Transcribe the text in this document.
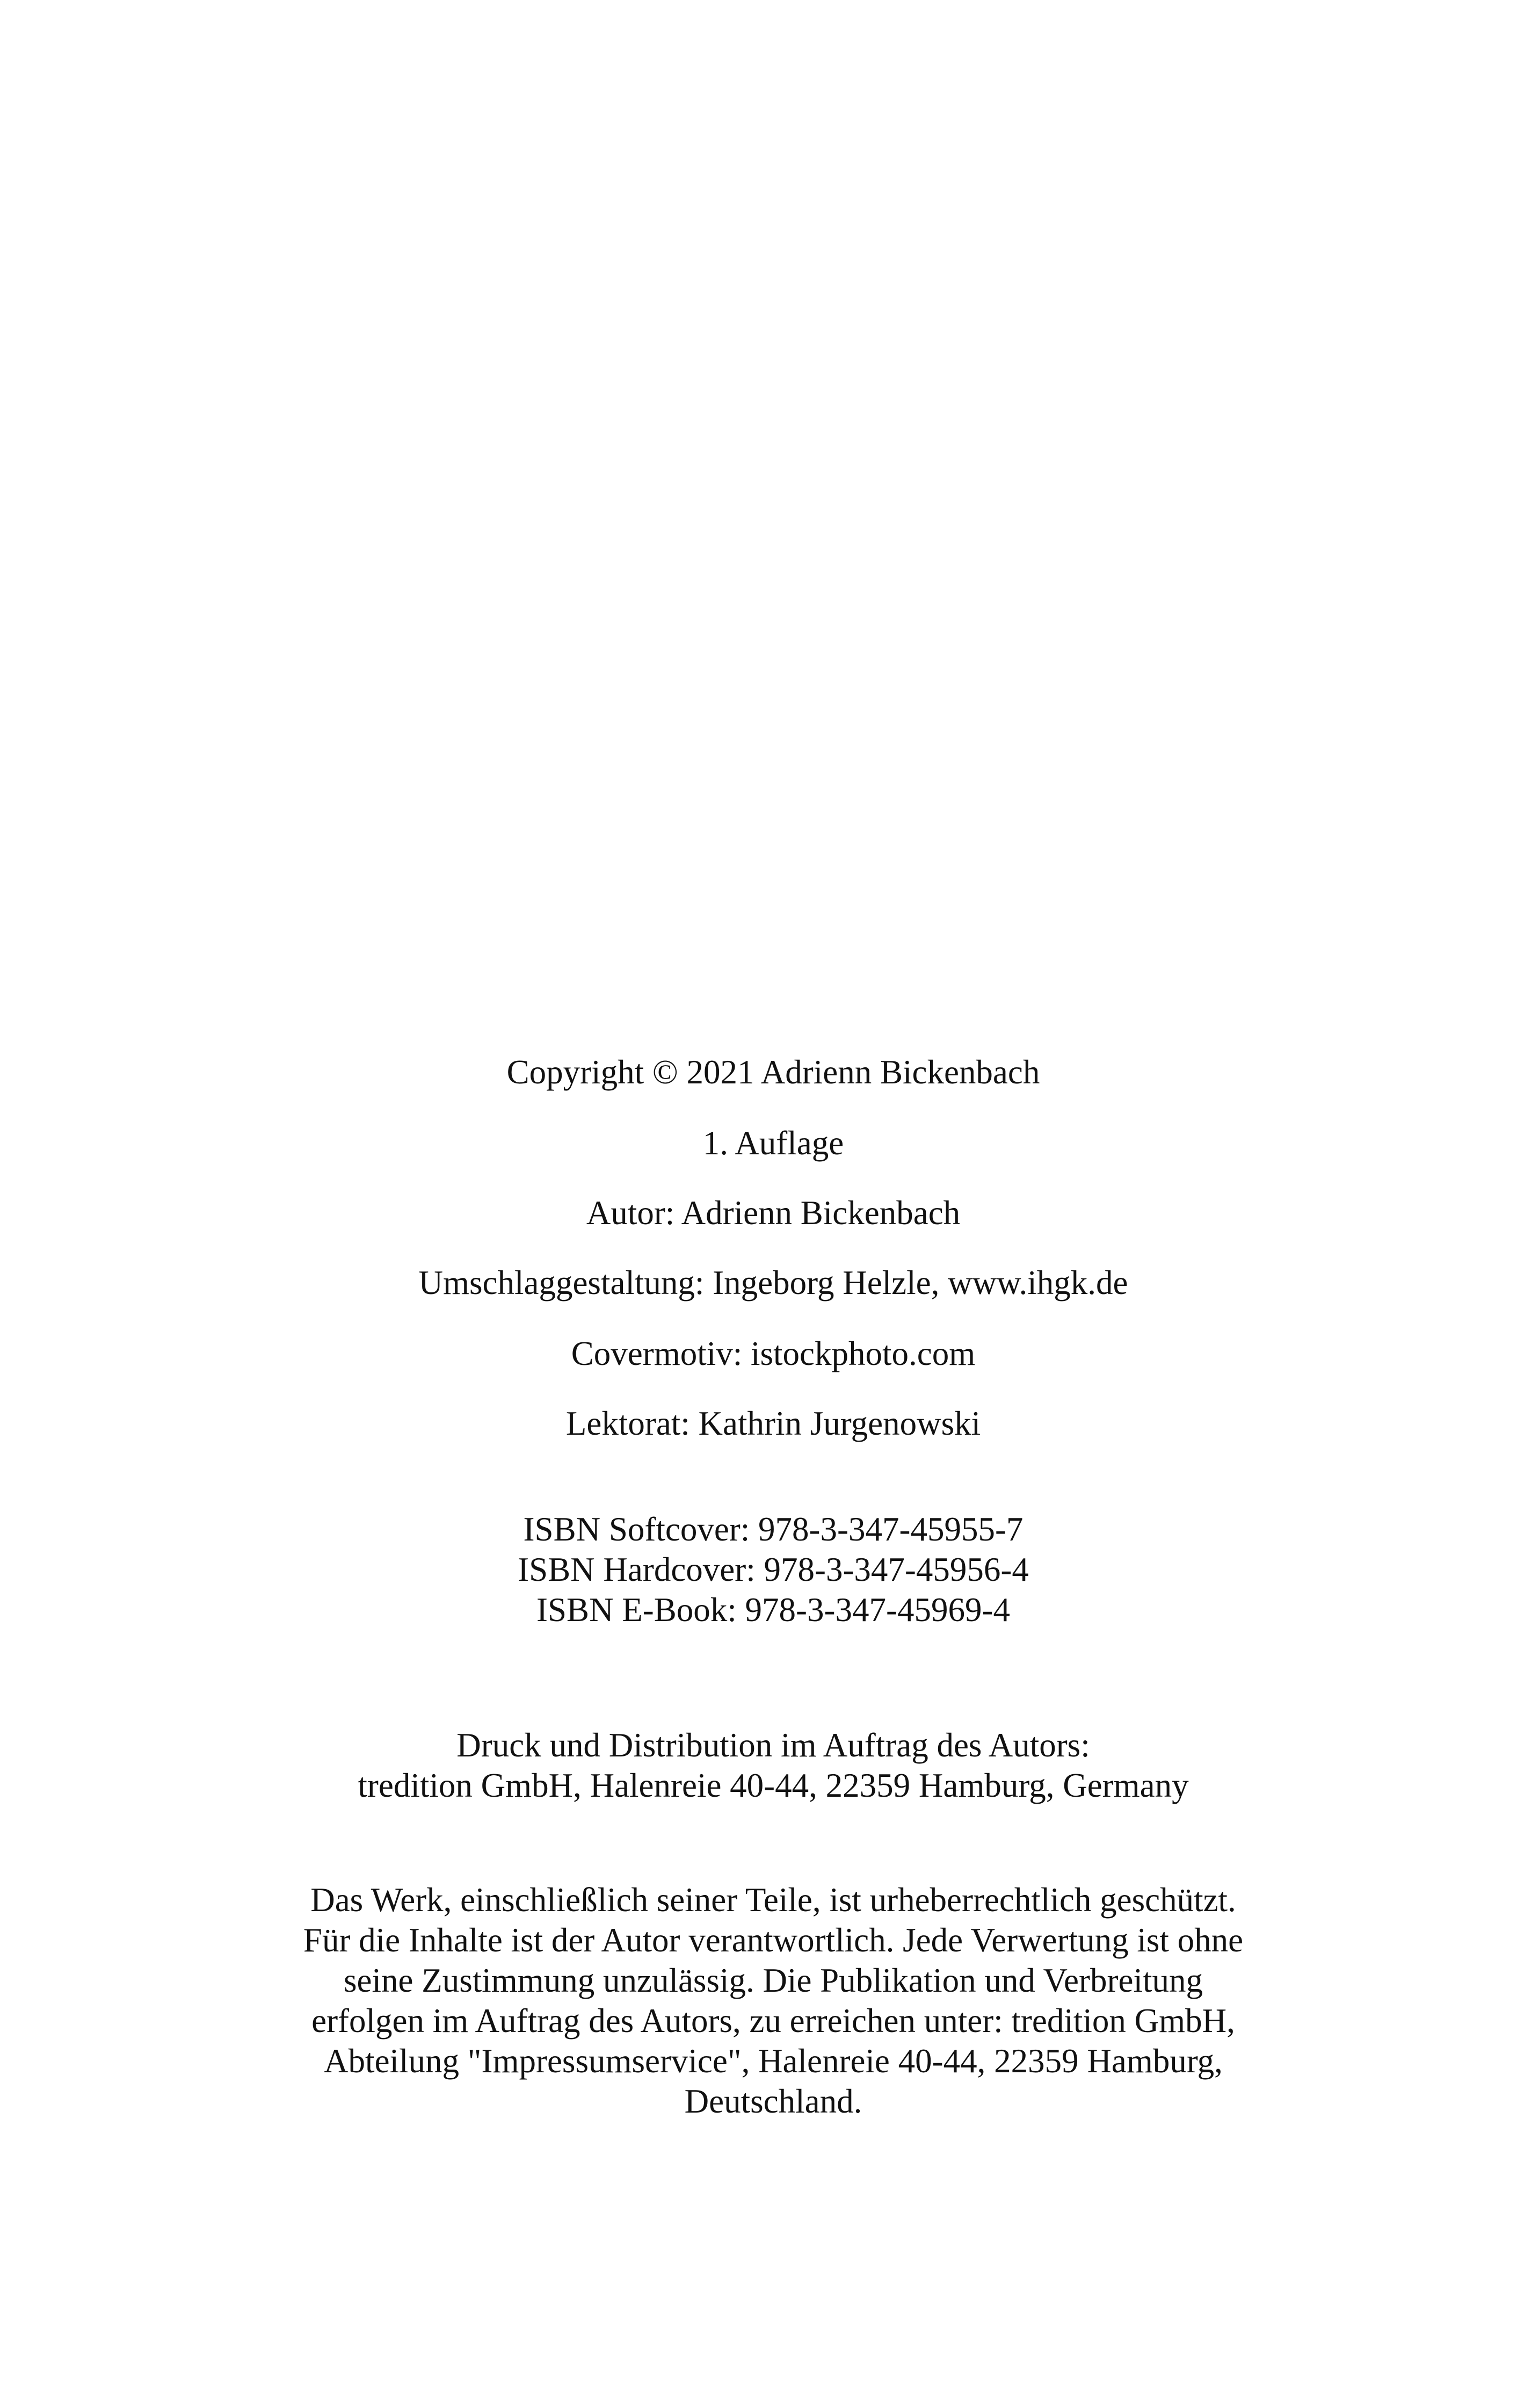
Copyright © 2021 Adrienn Bickenbach
1. Auflage
Autor: Adrienn Bickenbach
Umschlaggestaltung: Ingeborg Helzle, www.ihgk.de
Covermotiv: istockphoto.com
Lektorat: Kathrin Jurgenowski
ISBN Softcover: 978-3-347-45955-7
ISBN Hardcover: 978-3-347-45956-4
ISBN E-Book: 978-3-347-45969-4
Druck und Distribution im Auftrag des Autors:
tredition GmbH, Halenreie 40-44, 22359 Hamburg, Germany
Das Werk, einschließlich seiner Teile, ist urheberrechtlich geschützt.
Für die Inhalte ist der Autor verantwortlich. Jede Verwertung ist ohne
seine Zustimmung unzulässig. Die Publikation und Verbreitung
erfolgen im Auftrag des Autors, zu erreichen unter: tredition GmbH,
Abteilung "Impressumservice", Halenreie 40-44, 22359 Hamburg,
Deutschland.
